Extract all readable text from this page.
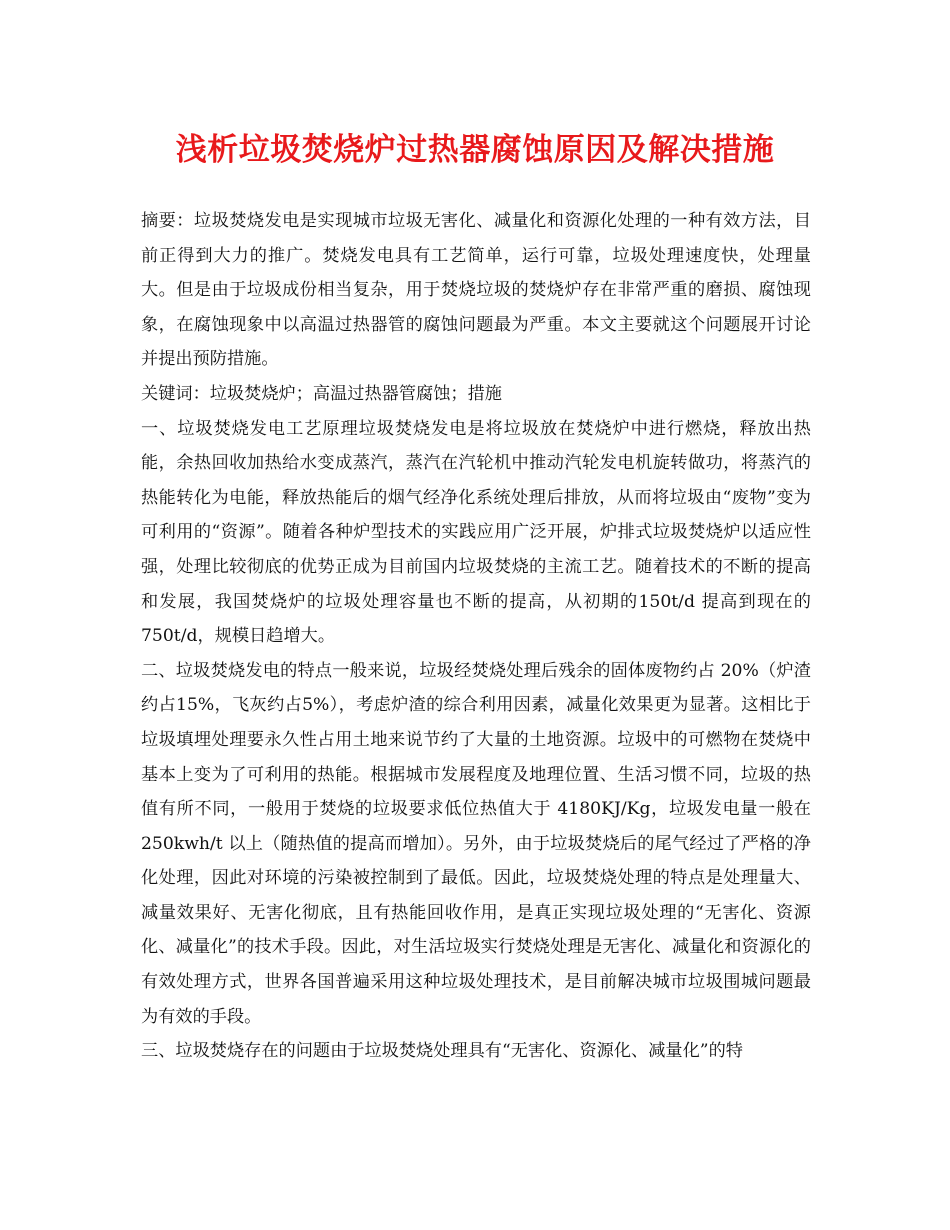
浅析垃圾焚烧炉过热器腐蚀原因及解决措施

摘要：垃圾焚烧发电是实现城市垃圾无害化、减量化和资源化处理的一种有效方法，目前正得到大力的推广。焚烧发电具有工艺简单，运行可靠，垃圾处理速度快，处理量大。但是由于垃圾成份相当复杂，用于焚烧垃圾的焚烧炉存在非常严重的磨损、腐蚀现象，在腐蚀现象中以高温过热器管的腐蚀问题最为严重。本文主要就这个问题展开讨论并提出预防措施。

关键词：垃圾焚烧炉；高温过热器管腐蚀；措施

一、垃圾焚烧发电工艺原理垃圾焚烧发电是将垃圾放在焚烧炉中进行燃烧，释放出热能，余热回收加热给水变成蒸汽，蒸汽在汽轮机中推动汽轮发电机旋转做功，将蒸汽的热能转化为电能，释放热能后的烟气经净化系统处理后排放，从而将垃圾由“废物”变为可利用的“资源”。随着各种炉型技术的实践应用广泛开展，炉排式垃圾焚烧炉以适应性强，处理比较彻底的优势正成为目前国内垃圾焚烧的主流工艺。随着技术的不断的提高和发展，我国焚烧炉的垃圾处理容量也不断的提高，从初期的150t/d 提高到现在的750t/d，规模日趋增大。

二、垃圾焚烧发电的特点一般来说，垃圾经焚烧处理后残余的固体废物约占 20%（炉渣约占15%，飞灰约占5%），考虑炉渣的综合利用因素，减量化效果更为显著。这相比于垃圾填埋处理要永久性占用土地来说节约了大量的土地资源。垃圾中的可燃物在焚烧中基本上变为了可利用的热能。根据城市发展程度及地理位置、生活习惯不同，垃圾的热值有所不同，一般用于焚烧的垃圾要求低位热值大于 4180KJ/Kg，垃圾发电量一般在 250kwh/t 以上（随热值的提高而增加）。另外，由于垃圾焚烧后的尾气经过了严格的净化处理，因此对环境的污染被控制到了最低。因此，垃圾焚烧处理的特点是处理量大、减量效果好、无害化彻底，且有热能回收作用，是真正实现垃圾处理的“无害化、资源化、减量化”的技术手段。因此，对生活垃圾实行焚烧处理是无害化、减量化和资源化的有效处理方式，世界各国普遍采用这种垃圾处理技术，是目前解决城市垃圾围城问题最为有效的手段。

三、垃圾焚烧存在的问题由于垃圾焚烧处理具有“无害化、资源化、减量化”的特
